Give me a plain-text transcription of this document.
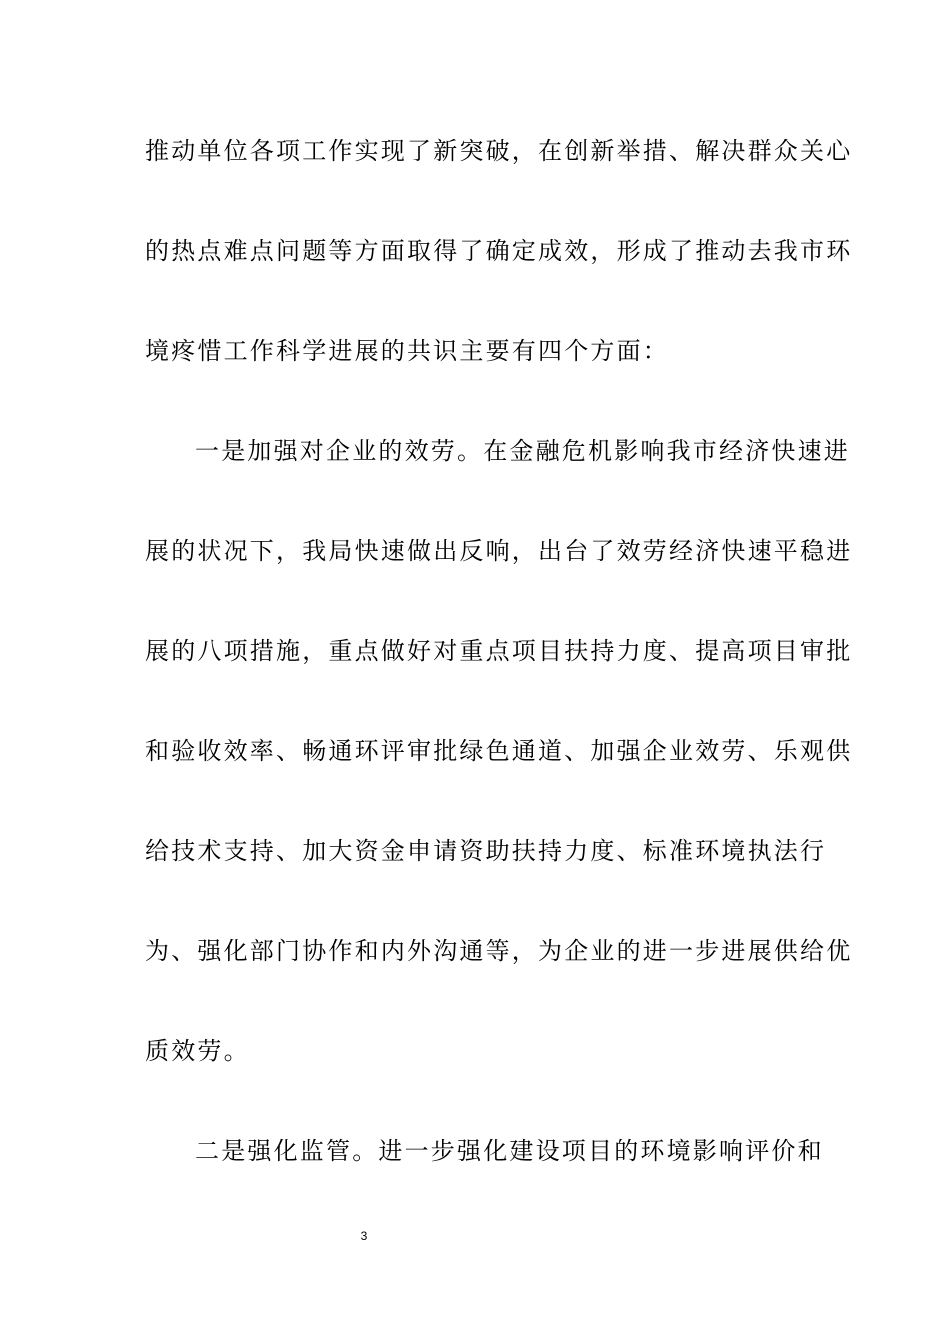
推动单位各项工作实现了新突破，在创新举措、解决群众关心
的热点难点问题等方面取得了确定成效，形成了推动去我市环
境疼惜工作科学进展的共识主要有四个方面：
一是加强对企业的效劳。在金融危机影响我市经济快速进
展的状况下，我局快速做出反响，出台了效劳经济快速平稳进
展的八项措施，重点做好对重点项目扶持力度、提高项目审批
和验收效率、畅通环评审批绿色通道、加强企业效劳、乐观供
给技术支持、加大资金申请资助扶持力度、标准环境执法行
为、强化部门协作和内外沟通等，为企业的进一步进展供给优
质效劳。
二是强化监管。进一步强化建设项目的环境影响评价和
3
